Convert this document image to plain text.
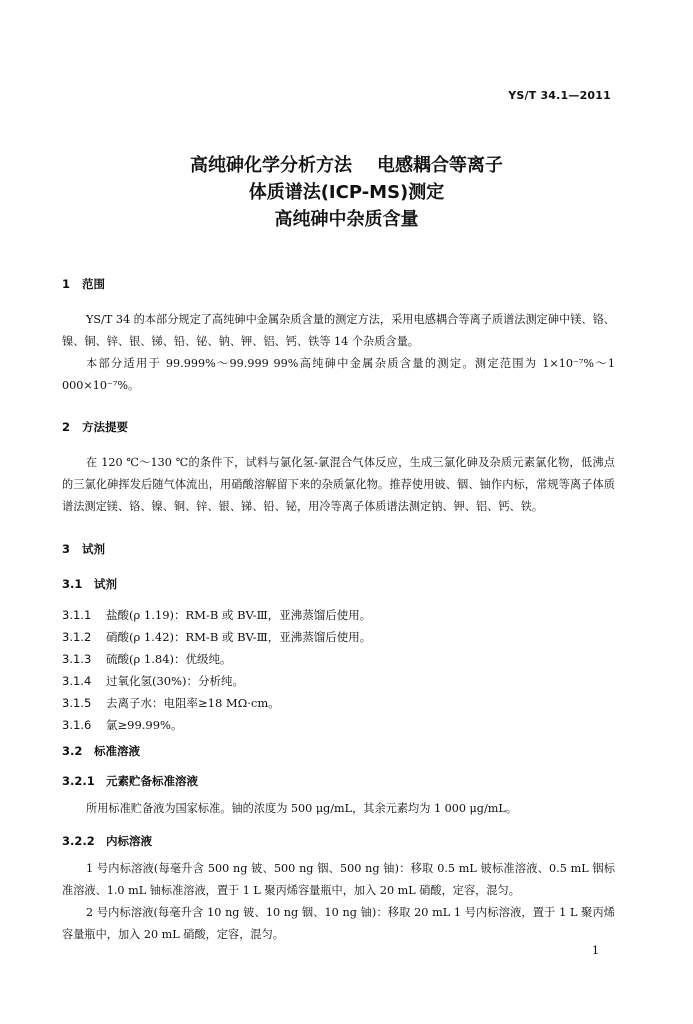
YS/T 34.1—2011
高纯砷化学分析方法    电感耦合等离子
体质谱法(ICP-MS)测定
高纯砷中杂质含量
1 范围
YS/T 34 的本部分规定了高纯砷中金属杂质含量的测定方法，采用电感耦合等离子质谱法测定砷中镁、铬、镍、铜、锌、银、锑、铅、铋、钠、钾、铝、钙、铁等 14 个杂质含量。
本部分适用于 99.999%～99.999 99%高纯砷中金属杂质含量的测定。测定范围为 1×10⁻⁷%～1 000×10⁻⁷%。
2 方法提要
在 120 ℃～130 ℃的条件下，试料与氯化氢-氯混合气体反应，生成三氯化砷及杂质元素氯化物，低沸点的三氯化砷挥发后随气体流出，用硝酸溶解留下来的杂质氯化物。推荐使用铍、铟、铀作内标，常规等离子体质谱法测定镁、铬、镍、铜、锌、银、锑、铅、铋，用冷等离子体质谱法测定钠、钾、铝、钙、铁。
3 试剂
3.1 试剂
3.1.1 盐酸(ρ 1.19)：RM-B 或 BV-Ⅲ，亚沸蒸馏后使用。
3.1.2 硝酸(ρ 1.42)：RM-B 或 BV-Ⅲ，亚沸蒸馏后使用。
3.1.3 硫酸(ρ 1.84)：优级纯。
3.1.4 过氧化氢(30%)：分析纯。
3.1.5 去离子水：电阻率≥18 MΩ·cm。
3.1.6 氯≥99.99%。
3.2 标准溶液
3.2.1 元素贮备标准溶液
所用标准贮备液为国家标准。铀的浓度为 500 μg/mL，其余元素均为 1 000 μg/mL。
3.2.2 内标溶液
1 号内标溶液(每毫升含 500 ng 铍、500 ng 铟、500 ng 铀)：移取 0.5 mL 铍标准溶液、0.5 mL 铟标准溶液、1.0 mL 铀标准溶液，置于 1 L 聚丙烯容量瓶中，加入 20 mL 硝酸，定容，混匀。
2 号内标溶液(每毫升含 10 ng 铍、10 ng 铟、10 ng 铀)：移取 20 mL 1 号内标溶液，置于 1 L 聚丙烯容量瓶中，加入 20 mL 硝酸，定容，混匀。
1
